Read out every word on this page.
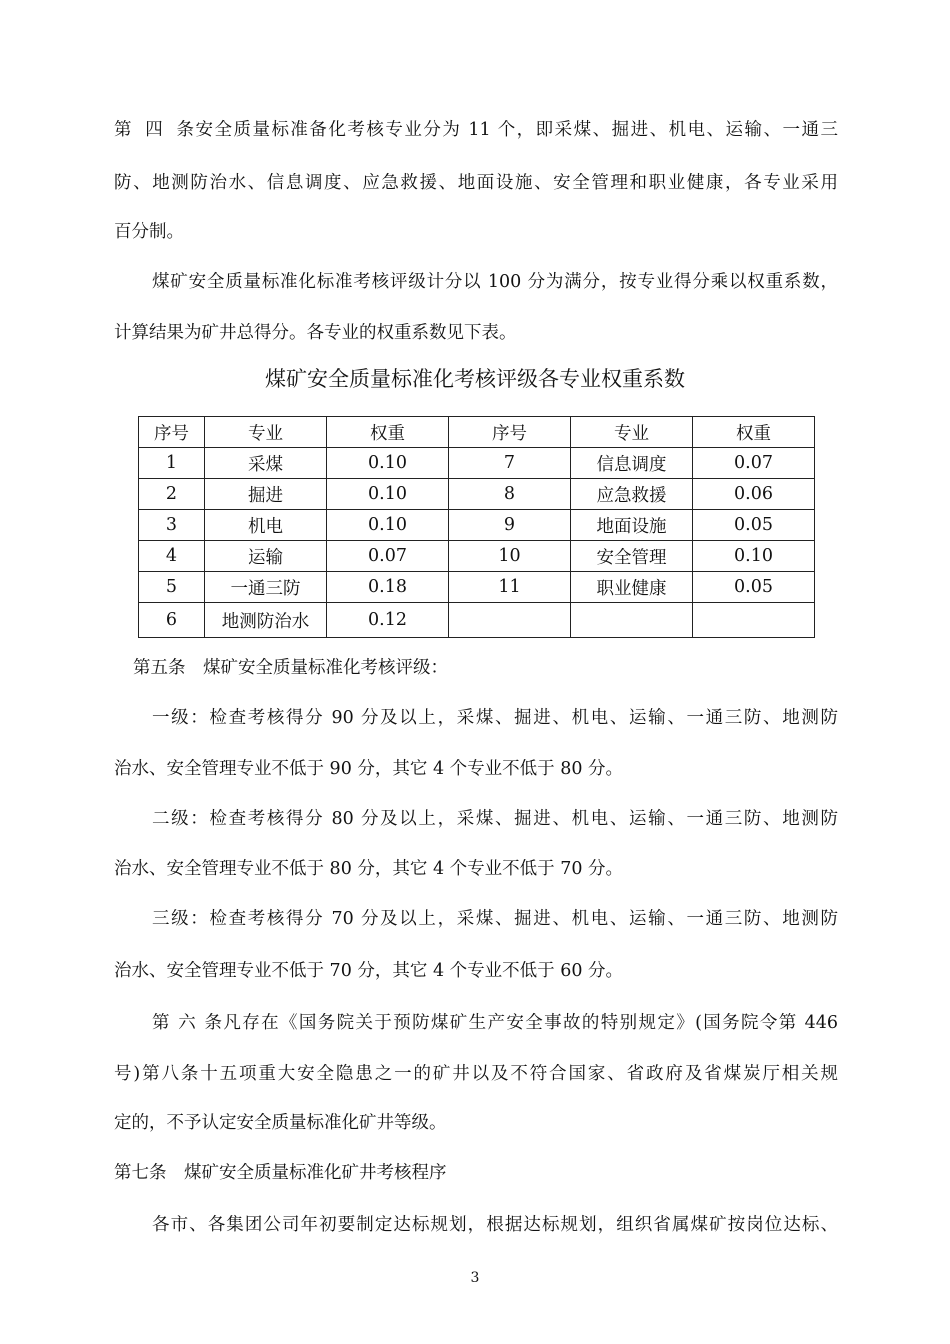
第四条安全质量标准备化考核专业分为 11 个，即采煤、掘进、机电、运输、一通三
防、地测防治水、信息调度、应急救援、地面设施、安全管理和职业健康，各专业采用
百分制。
煤矿安全质量标准化标准考核评级计分以 100 分为满分，按专业得分乘以权重系数，
计算结果为矿井总得分。各专业的权重系数见下表。
煤矿安全质量标准化考核评级各专业权重系数
序号	专业	权重	序号	专业	权重
1	采煤	0.10	7	信息调度	0.07
2	掘进	0.10	8	应急救援	0.06
3	机电	0.10	9	地面设施	0.05
4	运输	0.07	10	安全管理	0.10
5	一通三防	0.18	11	职业健康	0.05
6	地测防治水	0.12			
第五条 煤矿安全质量标准化考核评级：
一级：检查考核得分 90 分及以上，采煤、掘进、机电、运输、一通三防、地测防
治水、安全管理专业不低于 90 分，其它 4 个专业不低于 80 分。
二级：检查考核得分 80 分及以上，采煤、掘进、机电、运输、一通三防、地测防
治水、安全管理专业不低于 80 分，其它 4 个专业不低于 70 分。
三级：检查考核得分 70 分及以上，采煤、掘进、机电、运输、一通三防、地测防
治水、安全管理专业不低于 70 分，其它 4 个专业不低于 60 分。
第六条凡存在《国务院关于预防煤矿生产安全事故的特别规定》(国务院令第 446
号)第八条十五项重大安全隐患之一的矿井以及不符合国家、省政府及省煤炭厅相关规
定的，不予认定安全质量标准化矿井等级。
第七条 煤矿安全质量标准化矿井考核程序
各市、各集团公司年初要制定达标规划，根据达标规划，组织省属煤矿按岗位达标、
3
